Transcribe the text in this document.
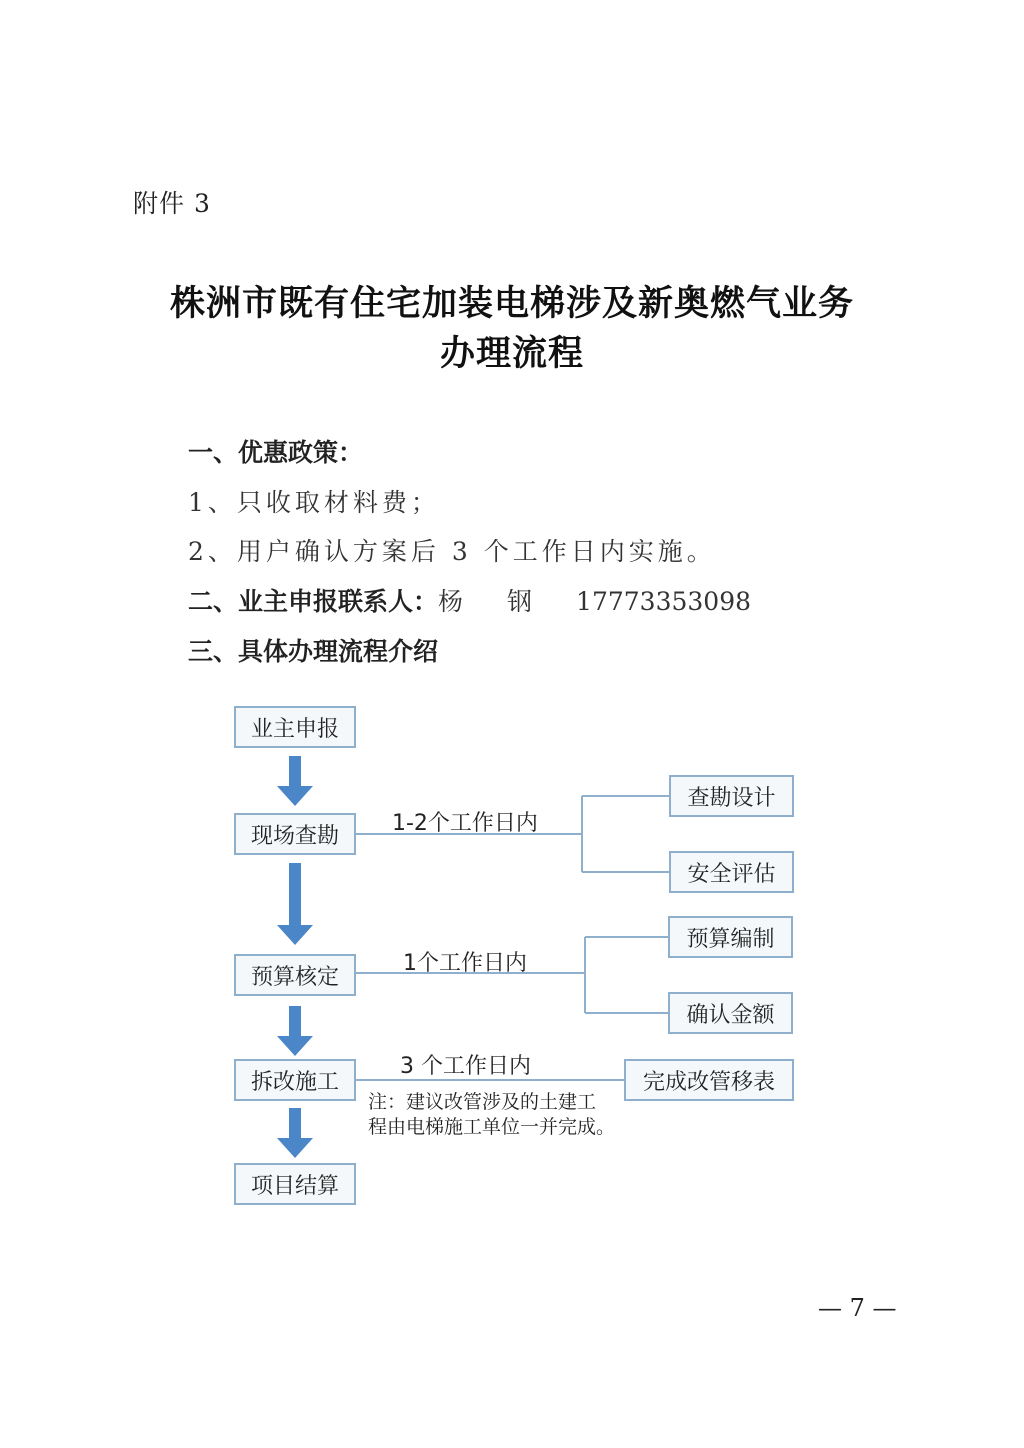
附件 3
株洲市既有住宅加装电梯涉及新奥燃气业务
办理流程
一、优惠政策：
1、只收取材料费；
2、用户确认方案后 3 个工作日内实施。
二、业主申报联系人：杨 钢 17773353098
三、具体办理流程介绍
业主申报
现场查勘
预算核定
拆改施工
项目结算
1-2个工作日内
1个工作日内
3 个工作日内
查勘设计
安全评估
预算编制
确认金额
完成改管移表
注：建议改管涉及的土建工
程由电梯施工单位一并完成。
— 7 —
